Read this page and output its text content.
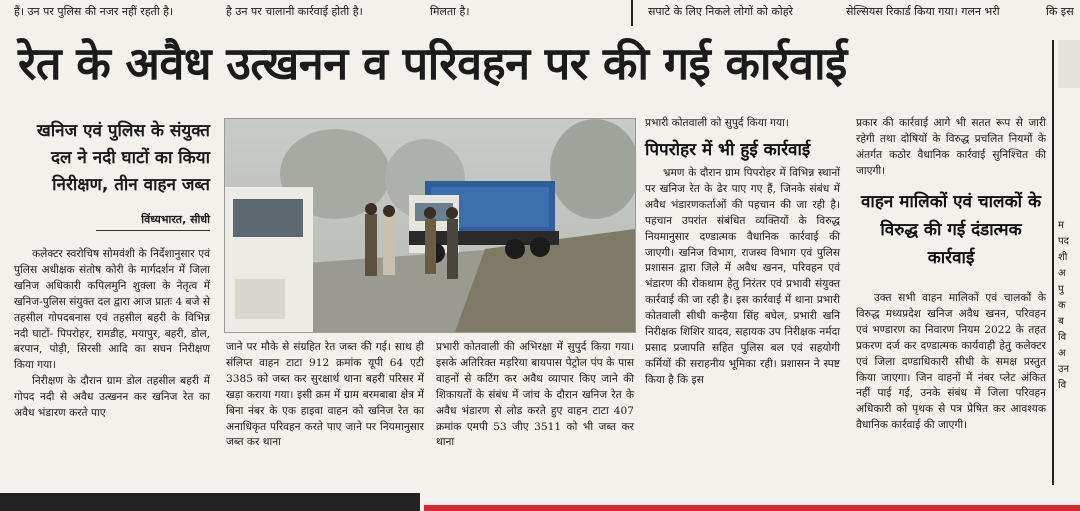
हैं। उन पर पुलिस की नजर नहीं रहती है।	है उन पर चालानी कार्रवाई होती है।	मिलता है।	सपाटे के लिए निकले लोगों को कोहरे	सेल्सियस रिकार्ड किया गया। गलन भरी	कि इस
रेत के अवैध उत्खनन व परिवहन पर की गई कार्रवाई
खनिज एवं पुलिस के संयुक्त दल ने नदी घाटों का किया निरीक्षण, तीन वाहन जब्त
विंध्यभारत, सीधी

कलेक्टर स्वरोचिष सोमवंशी के निर्देशानुसार एवं पुलिस अधीक्षक संतोष कोरी के मार्गदर्शन में जिला खनिज अधिकारी कपिलमुनि शुक्ला के नेतृत्व में खनिज-पुलिस संयुक्त दल द्वारा आज प्रातः 4 बजे से तहसील गोपदबनास एवं तहसील बहरी के विभिन्न नदी घाटों- पिपरोहर, रामडीह, मयापुर, बहरी, डोल, बरपान, पोड़ी, सिरसी आदि का सघन निरीक्षण किया गया।

निरीक्षण के दौरान ग्राम डोल तहसील बहरी में गोपद नदी से अवैध उत्खनन कर खनिज रेत का अवैध भंडारण करते पाए

जाने पर मौके से संग्रहित रेत जब्त की गई। साथ ही संलिप्त वाहन टाटा 912 क्रमांक यूपी 64 एटी 3385 को जब्त कर सुरक्षार्थ थाना बहरी परिसर में खड़ा कराया गया। इसी क्रम में ग्राम बरमबाबा क्षेत्र में बिना नंबर के एक हाइवा वाहन को खनिज रेत का अनाधिकृत परिवहन करते पाए जाने पर नियमानुसार जब्त कर थाना

प्रभारी कोतवाली की अभिरक्षा में सुपुर्द किया गया। इसके अतिरिक्त मड़रिया बायपास पेट्रोल पंप के पास वाहनों से कटिंग कर अवैध व्यापार किए जाने की शिकायतों के संबंध में जांच के दौरान खनिज रेत के अवैध भंडारण से लोड करते हुए वाहन टाटा 407 क्रमांक एमपी 53 जीए 3511 को भी जब्त कर थाना

प्रभारी कोतवाली को सुपुर्द किया गया।

पिपरोहर में भी हुई कार्रवाई

भ्रमण के दौरान ग्राम पिपरोहर में विभिन्न स्थानों पर खनिज रेत के ढेर पाए गए हैं, जिनके संबंध में अवैध भंडारणकर्ताओं की पहचान की जा रही है। पहचान उपरांत संबंधित व्यक्तियों के विरुद्ध नियमानुसार दण्डात्मक वैधानिक कार्रवाई की जाएगी। खनिज विभाग, राजस्व विभाग एवं पुलिस प्रशासन द्वारा जिले में अवैध खनन, परिवहन एवं भंडारण की रोकथाम हेतु निरंतर एवं प्रभावी संयुक्त कार्रवाई की जा रही है। इस कार्रवाई में थाना प्रभारी कोतवाली सीधी कन्हैया सिंह बघेल, प्रभारी खनि निरीक्षक शिशिर यादव, सहायक उप निरीक्षक नर्मदा प्रसाद प्रजापति सहित पुलिस बल एवं सहयोगी कर्मियों की सराहनीय भूमिका रही। प्रशासन ने स्पष्ट किया है कि इस

प्रकार की कार्रवाई आगे भी सतत रूप से जारी रहेगी तथा दोषियों के विरुद्ध प्रचलित नियमों के अंतर्गत कठोर वैधानिक कार्रवाई सुनिश्चित की जाएगी।

वाहन मालिकों एवं चालकों के विरुद्ध की गई दंडात्मक कार्रवाई

उक्त सभी वाहन मालिकों एवं चालकों के विरुद्ध मध्यप्रदेश खनिज अवैध खनन, परिवहन एवं भण्डारण का निवारण नियम 2022 के तहत प्रकरण दर्ज कर दण्डात्मक कार्यवाही हेतु कलेक्टर एवं जिला दण्डाधिकारी सीधी के समक्ष प्रस्तुत किया जाएगा। जिन वाहनों में नंबर प्लेट अंकित नहीं पाई गई, उनके संबंध में जिला परिवहन अधिकारी को पृथक से पत्र प्रेषित कर आवश्यक वैधानिक कार्रवाई की जाएगी।

म
पद
शी
अ
पु
क
ब
वि
अ
उन
वि
